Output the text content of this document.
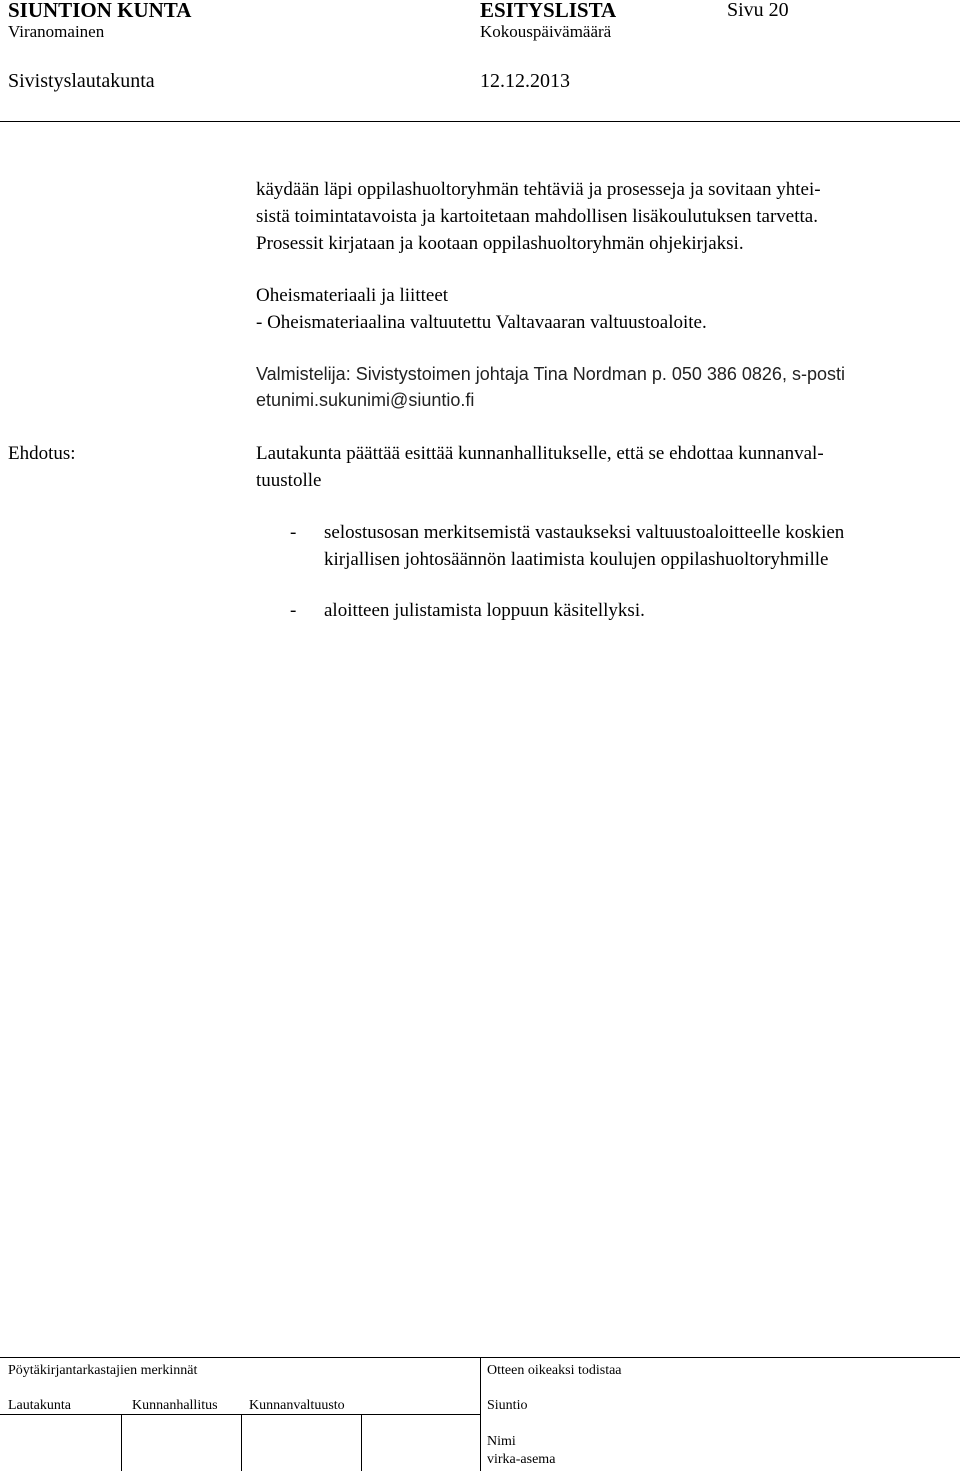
SIUNTION KUNTA	ESITYSLISTA	Sivu 20
Viranomainen	Kokouspäivämäärä
Sivistyslautakunta	12.12.2013
käydään läpi oppilashuoltoryhmän tehtäviä ja prosesseja ja sovitaan yhtei-
sistä toimintatavoista ja kartoitetaan mahdollisen lisäkoulutuksen tarvetta.
Prosessit kirjataan ja kootaan oppilashuoltoryhmän ohjekirjaksi.
Oheismateriaali ja liitteet
- Oheismateriaalina valtuutettu Valtavaaran valtuustoaloite.
Valmistelija: Sivistystoimen johtaja Tina Nordman p. 050 386 0826, s-posti
etunimi.sukunimi@siuntio.fi
Ehdotus:	Lautakunta päättää esittää kunnanhallitukselle, että se ehdottaa kunnanval-
tuustolle
- selostusosan merkitsemistä vastaukseksi valtuustoaloitteelle koskien
kirjallisen johtosäännön laatimista koulujen oppilashuoltoryhmille
- aloitteen julistamista loppuun käsitellyksi.
Pöytäkirjantarkastajien merkinnät	Otteen oikeaksi todistaa
Lautakunta	Kunnanhallitus Kunnanvaltuusto	Siuntio
Nimi
virka-asema
